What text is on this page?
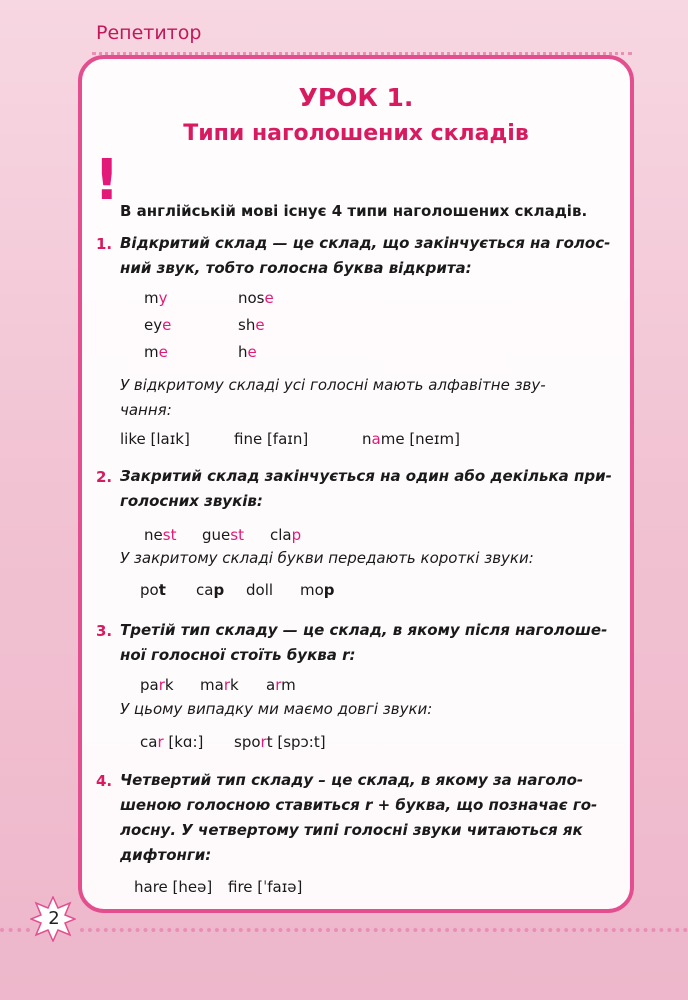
Репетитор
УРОК 1.
Типи наголошених складів
! В англійській мові існує 4 типи наголошених складів.
1. Відкритий склад — це склад, що закінчується на голос-
ний звук, тобто голосна буква відкрита:
my	nose
eye	she
me	he
У відкритому складі усі голосні мають алфавітне зву-
чання:
like [laɪk]	fine [faɪn]	name [neɪm]
2. Закритий склад закінчується на один або декілька при-
голосних звуків:
nest guest clap
У закритому складі букви передають короткі звуки:
pot cap doll mop
3. Третій тип складу — це склад, в якому після наголоше-
ної голосної стоїть буква r:
park mark arm
У цьому випадку ми маємо довгі звуки:
car [kɑ:] sport [spɔ:t]
4. Четвертий тип складу – це склад, в якому за наголо-
шеною голосною ставиться r + буква, що позначає го-
лосну. У четвертому типі голосні звуки читаються як
дифтонги:
hare [heə] fire [ˈfaɪə]
2
